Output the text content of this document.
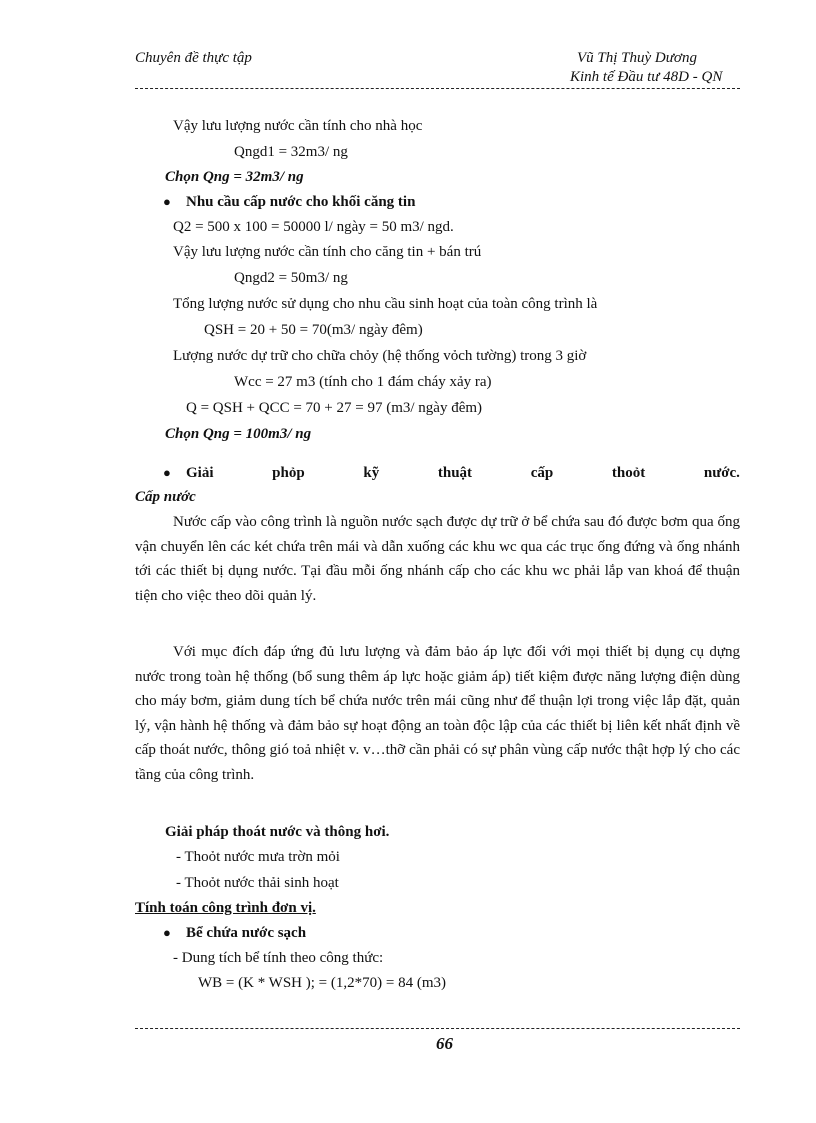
Chuyên đề thực tập	Vũ Thị Thuỳ Dương
Kinh tế Đầu tư 48D - QN
Vậy lưu lượng nước cần tính cho nhà học
Qngd1 = 32m3/ ng
Chọn Qng = 32m3/ ng
● Nhu cầu cấp nước cho khối căng tin
Q2 = 500 x 100 = 50000 l/ ngày = 50 m3/ ngd.
Vậy lưu lượng nước cần tính cho căng tin + bán trú
Qngd2 = 50m3/ ng
Tổng lượng nước sử dụng cho nhu cầu sinh hoạt của toàn công trình là
QSH = 20 + 50 = 70(m3/ ngày đêm)
Lượng nước dự trữ cho chữa chỏy (hệ thống vỏch tường) trong 3 giờ
Wcc = 27 m3 (tính cho 1 đám cháy xảy ra)
Q = QSH + QCC = 70 + 27 = 97 (m3/ ngày đêm)
Chọn Qng = 100m3/ ng
● Giải	phỏp	kỹ	thuật	cấp	thoỏt	nước.
Cấp nước
Nước cấp vào công trình là nguồn nước sạch được dự trữ ở bể chứa sau đó được bơm qua ống vận chuyển lên các két chứa trên mái và dẫn xuống các khu wc qua các trục ống đứng và ống nhánh tới các thiết bị dụng nước. Tại đầu mỗi ống nhánh cấp cho các khu wc phải lắp van khoá để thuận tiện cho việc theo dõi quản lý.
Với mục đích đáp ứng đủ lưu lượng và đảm bảo áp lực đối với mọi thiết bị dụng cụ dựng nước trong toàn hệ thống (bổ sung thêm áp lực hoặc giảm áp) tiết kiệm được năng lượng điện dùng cho máy bơm, giảm dung tích bể chứa nước trên mái cũng như để thuận lợi trong việc lắp đặt, quản lý, vận hành hệ thống và đảm bảo sự hoạt động an toàn độc lập của các thiết bị liên kết nhất định về cấp thoát nước, thông gió toả nhiệt v. v…thỡ cần phải có sự phân vùng cấp nước thật hợp lý cho các tầng của công trình.
Giải pháp thoát nước và thông hơi.
- Thoỏt nước mưa trờn mỏi
- Thoỏt nước thải sinh hoạt
Tính toán công trình đơn vị.
● Bể chứa nước sạch
- Dung tích bể tính theo công thức:
WB = (K * WSH ); = (1,2*70) = 84 (m3)
66
